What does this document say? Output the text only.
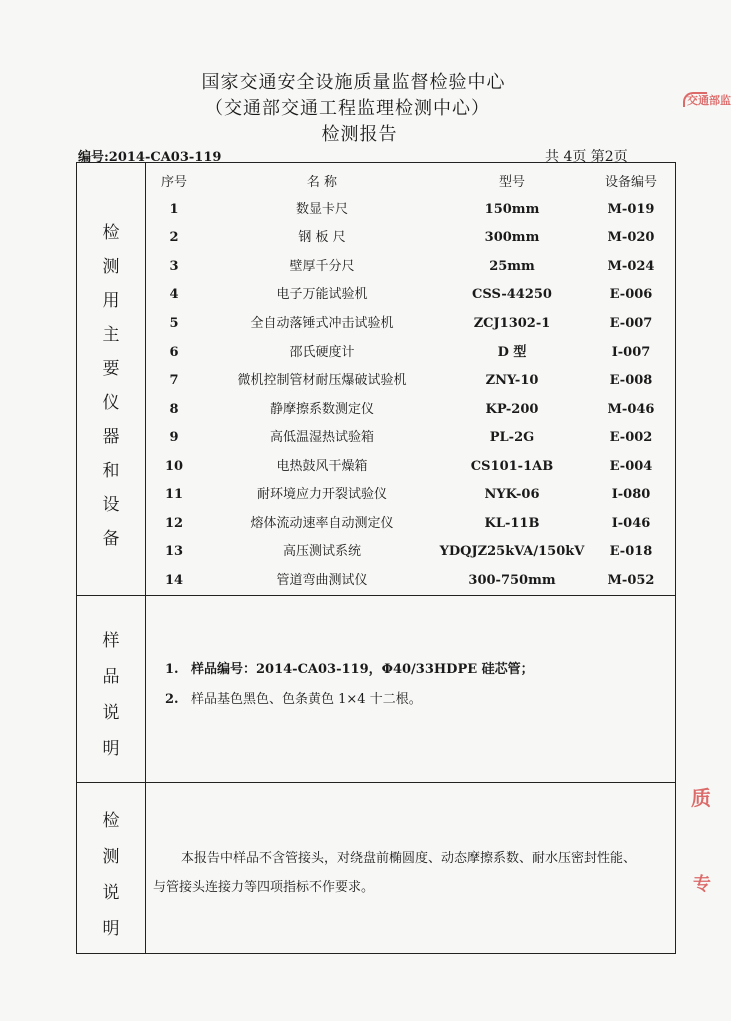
国家交通安全设施质量监督检验中心
（交通部交通工程监理检测中心）
检测报告
编号:2014-CA03-119	共 4页 第2页
检
测
用
主
要
仪
器
和
设
备
序号	名 称	型号	设备编号
1	数显卡尺	150mm	M-019
2	钢 板 尺	300mm	M-020
3	壁厚千分尺	25mm	M-024
4	电子万能试验机	CSS-44250	E-006
5	全自动落锤式冲击试验机	ZCJ1302-1	E-007
6	邵氏硬度计	D 型	I-007
7	微机控制管材耐压爆破试验机	ZNY-10	E-008
8	静摩擦系数测定仪	KP-200	M-046
9	高低温湿热试验箱	PL-2G	E-002
10	电热鼓风干燥箱	CS101-1AB	E-004
11	耐环境应力开裂试验仪	NYK-06	I-080
12	熔体流动速率自动测定仪	KL-11B	I-046
13	高压测试系统	YDQJZ25kVA/150kV	E-018
14	管道弯曲测试仪	300-750mm	M-052
样
品
说
明
1. 样品编号：2014-CA03-119，Φ40/33HDPE 硅芯管；
2. 样品基色黑色、色条黄色 1×4 十二根。
检
测
说
明
本报告中样品不含管接头，对绕盘前椭圆度、动态摩擦系数、耐水压密封性能、
与管接头连接力等四项指标不作要求。
交通部监
质
专
